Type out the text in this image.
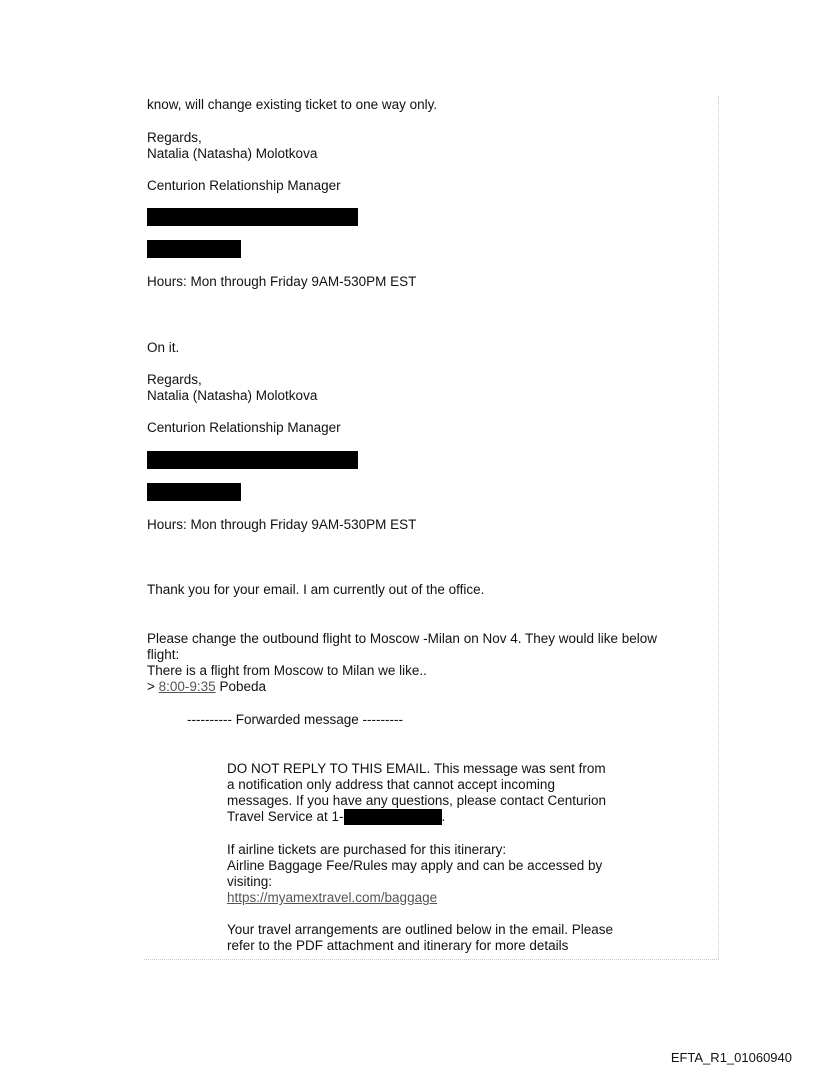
know, will change existing ticket to one way only.
Regards,
Natalia (Natasha) Molotkova
Centurion Relationship Manager
Hours: Mon through Friday 9AM-530PM EST
On it.
Regards,
Natalia (Natasha) Molotkova
Centurion Relationship Manager
Hours: Mon through Friday 9AM-530PM EST
Thank you for your email. I am currently out of the office.
Please change the outbound flight to Moscow -Milan on Nov 4. They would like below
flight:
There is a flight from Moscow to Milan we like..
> 8:00-9:35 Pobeda
---------- Forwarded message ---------
DO NOT REPLY TO THIS EMAIL. This message was sent from
a notification only address that cannot accept incoming
messages. If you have any questions, please contact Centurion
Travel Service at 1-	.
If airline tickets are purchased for this itinerary:
Airline Baggage Fee/Rules may apply and can be accessed by
visiting:
https://myamextravel.com/baggage
Your travel arrangements are outlined below in the email. Please
refer to the PDF attachment and itinerary for more details
EFTA_R1_01060940
